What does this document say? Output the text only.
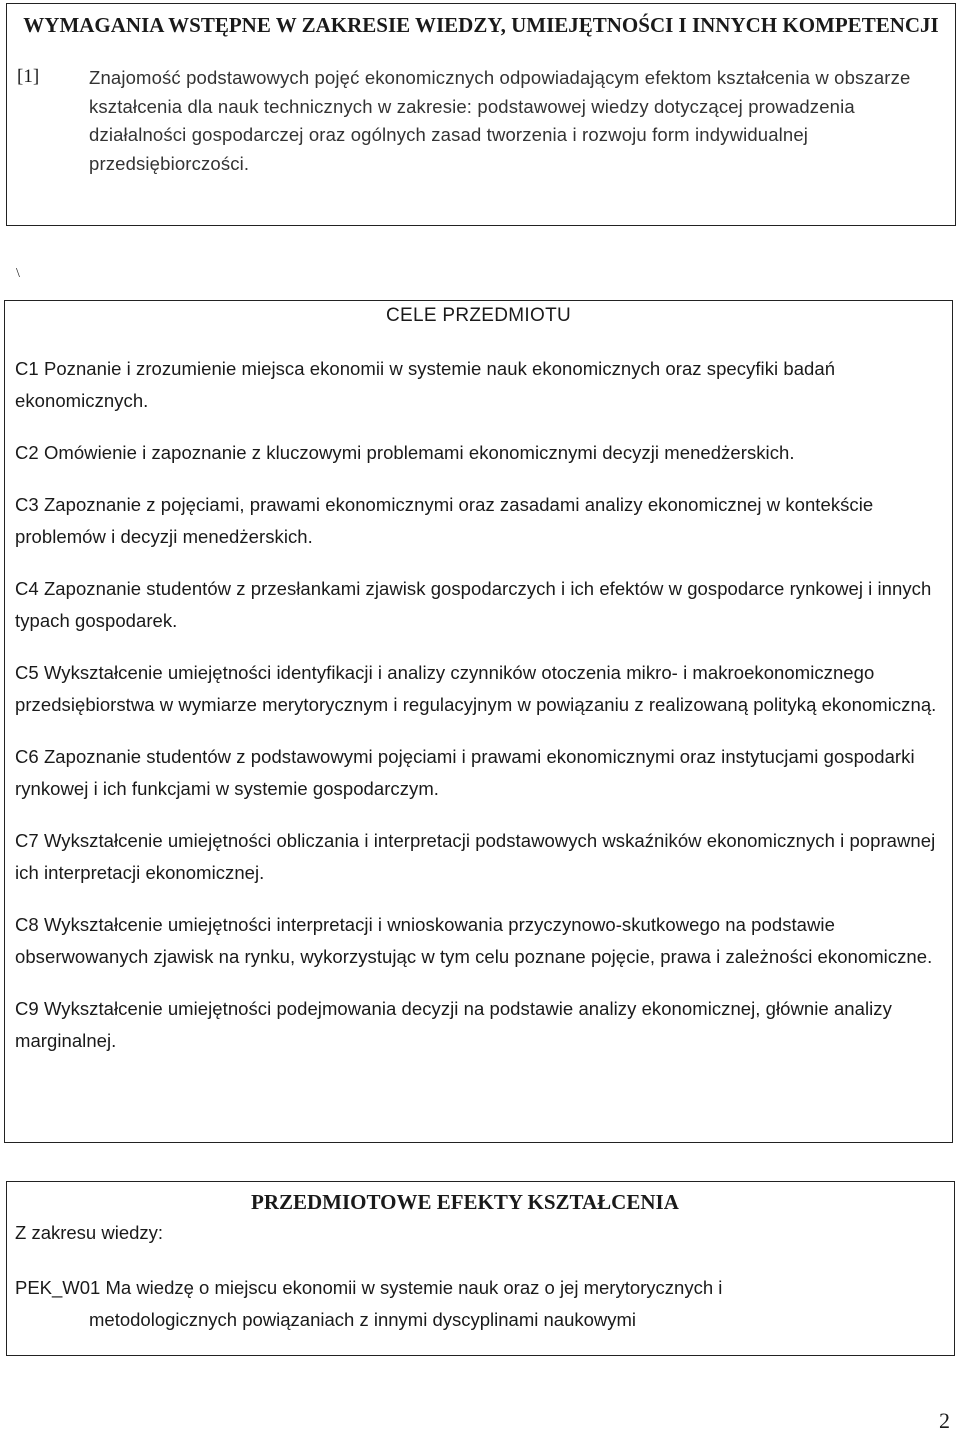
WYMAGANIA WSTĘPNE W ZAKRESIE WIEDZY, UMIEJĘTNOŚCI I INNYCH KOMPETENCJI
[1]	Znajomość podstawowych pojęć ekonomicznych odpowiadającym efektom kształcenia w obszarze kształcenia dla nauk technicznych w zakresie: podstawowej wiedzy dotyczącej prowadzenia działalności gospodarczej oraz ogólnych zasad tworzenia i rozwoju form indywidualnej przedsiębiorczości.
\
CELE PRZEDMIOTU

C1 Poznanie i zrozumienie miejsca ekonomii w systemie nauk ekonomicznych oraz specyfiki badań ekonomicznych.

C2 Omówienie i zapoznanie z kluczowymi problemami ekonomicznymi decyzji menedżerskich.

C3 Zapoznanie z pojęciami, prawami ekonomicznymi oraz zasadami analizy ekonomicznej w kontekście problemów i decyzji menedżerskich.

C4 Zapoznanie studentów z przesłankami zjawisk gospodarczych i ich efektów w gospodarce rynkowej i innych typach gospodarek.

C5 Wykształcenie umiejętności identyfikacji i analizy czynników otoczenia mikro- i makroekonomicznego przedsiębiorstwa w wymiarze merytorycznym i regulacyjnym w powiązaniu z realizowaną polityką ekonomiczną.

C6 Zapoznanie studentów z podstawowymi pojęciami i prawami ekonomicznymi oraz instytucjami gospodarki rynkowej i ich funkcjami w systemie gospodarczym.

C7 Wykształcenie umiejętności obliczania i interpretacji podstawowych wskaźników ekonomicznych i poprawnej ich interpretacji ekonomicznej.

C8 Wykształcenie umiejętności interpretacji i wnioskowania przyczynowo-skutkowego na podstawie obserwowanych zjawisk na rynku, wykorzystując w tym celu poznane pojęcie, prawa i zależności ekonomiczne.

C9 Wykształcenie umiejętności podejmowania decyzji na podstawie analizy ekonomicznej, głównie analizy marginalnej.

PRZEDMIOTOWE EFEKTY KSZTAŁCENIA
Z zakresu wiedzy:
PEK_W01 Ma wiedzę o miejscu ekonomii w systemie nauk oraz o jej merytorycznych i
metodologicznych powiązaniach z innymi dyscyplinami naukowymi
2
